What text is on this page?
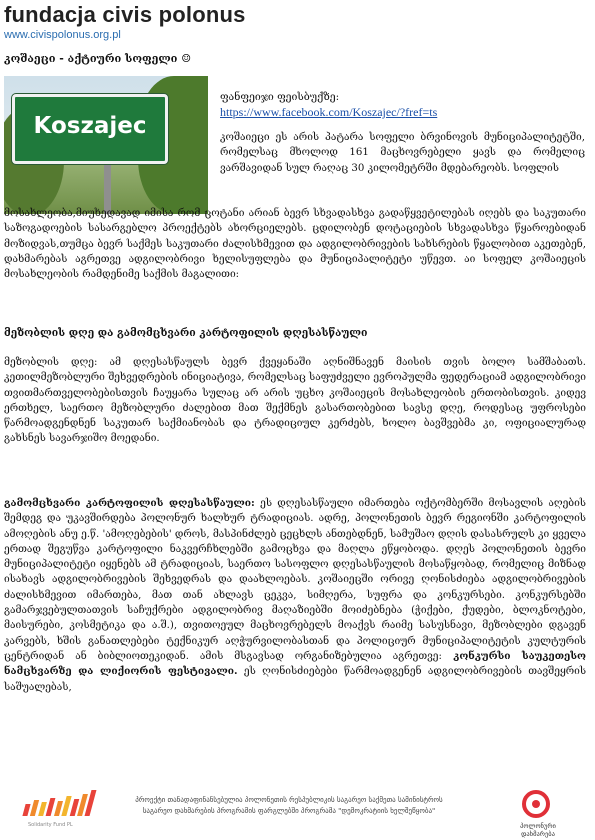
fundacja civis polonus
www.civispolonus.org.pl
კოშაეცი - აქტიური სოფელი ☺
Koszajec
ფანფეიჯი ფეისბუქზე:
https://www.facebook.com/Koszajec/?fref=ts

კოშაიეცი ეს არის პატარა სოფელი ბრვინოვის მუნიციპალიტეტში, რომელსაც მხოლოდ 161 მაცხოვრებელი ყავს და რომელიც ვარშავიდან სულ რაღაც 30 კილომეტრში მდებარეობს. სოფლის

მოსახლეობა,მიუხედავად იმისა რომ ცოტანი არიან ბევრ სხვადასხვა გადაწყვეტილებას იღებს და საკუთარი საზოგადოების სასარგებლო პროექტებს ახორციელებს. ცდილობენ დოტაციების სხვადასხვა წყაროებიდან მოზიდვას,თუმცა ბევრ საქმეს საკუთარი ძალისხმევით და ადგილობრივების სახსრების წყალობით აკეთებენ, დახმარებას აგრეთვე ადგილობრივი ხელისუფლება და მუნიციპალიტეტი უწევთ. აი სოფელ კოშაიეცის მოსახლეობის რამდენიმე საქმის მაგალითი:

მეზობლის დღე და გამომცხვარი კარტოფილის დღესასწაული

მეზობლის დღე: ამ დღესასწაულს ბევრ ქვეყანაში აღნიშნავენ მაისის თვის ბოლო სამშაბათს. კეთილმეზობლური შეხვედრების ინიციატივა, რომელსაც საფუძველი ევროპულმა ფედერაციამ ადგილობრივი თვითმართველობებისთვის ჩაუყარა სულაც არ არის უცხო კოშაიეცის მოსახლეობის ერთობისთვის. კიდევ ერთხელ, საერთო მეზობლური ძალებით მათ შექმნეს გასართობებით სავსე დღე, როდესაც უფროსები წარმოადგენდნენ საკუთარ საქმიანობას და ტრადიციულ კერძებს, ხოლო ბავშვებმა კი, ოფიციალურად გახსნეს სავარჯიშო მოედანი.

გამომცხვარი კარტოფილის დღესასწაული: ეს დღესასწაული იმართება ოქტომბერში მოსავლის აღების შემდეგ და უკავშირდება პოლონურ ხალხურ ტრადიციას. ადრე, პოლონეთის ბევრ რეგიონში კარტოფილის ამოღების ანუ ე.წ. 'ამოღებების' დროს, მასპინძლებ ცეცხლს ანთებდნენ, სამუშაო დღის დასასრულს კი ყველა ერთად შეგუწვა კარტოფილი ნაკვერჩხლებში გამოცხვა და მაღლა ეწყობოდა. დღეს პოლონეთის ბევრი მუნიციპალიტეტი იყენებს ამ ტრადიციას, საერთო სასოფლო დღესასწაულის მოსაწყობად, რომელიც მიზნად ისახავს ადგილობრივების შეხვედრას და დაახლოებას. კოშაიეცში ორივე ღონისძიება ადგილობრივების ძალისხმევით იმართება, მათ თან ახლავს ცეკვა, სიმღერა, სუფრა და კონკურსები. კონკურსებში გამარჯვებულთათვის საჩუქრები ადგილობრივ მაღაზიებში მოიძებნება (ჭიქები, ქუდები, ბლოკნოტები, მაისურები, კოსმეტიკა და ა.შ.), თვითოეულ მაცხოვრებელს მოაქვს რაიმე სასუსნავი, მეზობლები დგავენ კარვებს, ხშის განათლებები ტექნიკურ აღჭურვილობასთან და პოლიციურ მუნიციპალიტეტის კულტურის ცენტრიდან ან ბიბლიოთეკიდან. ამის მსგავსად ორგანიზებულია აგრეთვე: კონკურსი საუკეთესო ნამცხვარზე და ლიქიორის ფესტივალი. ეს ღონისძიებები წარმოადგენენ ადგილობრივების თავშეყრის საშუალებას,

Solidarity Fund PL
პროექტი თანადაფინანსებულია პოლონეთის რესპუბლიკის საგარეო საქმეთა სამინისტროს საგარეო დახმარების პროგრამის ფარგლებში პროგრამა "დემოკრატიის ხელშეწყობა"
პოლონური დახმარება
